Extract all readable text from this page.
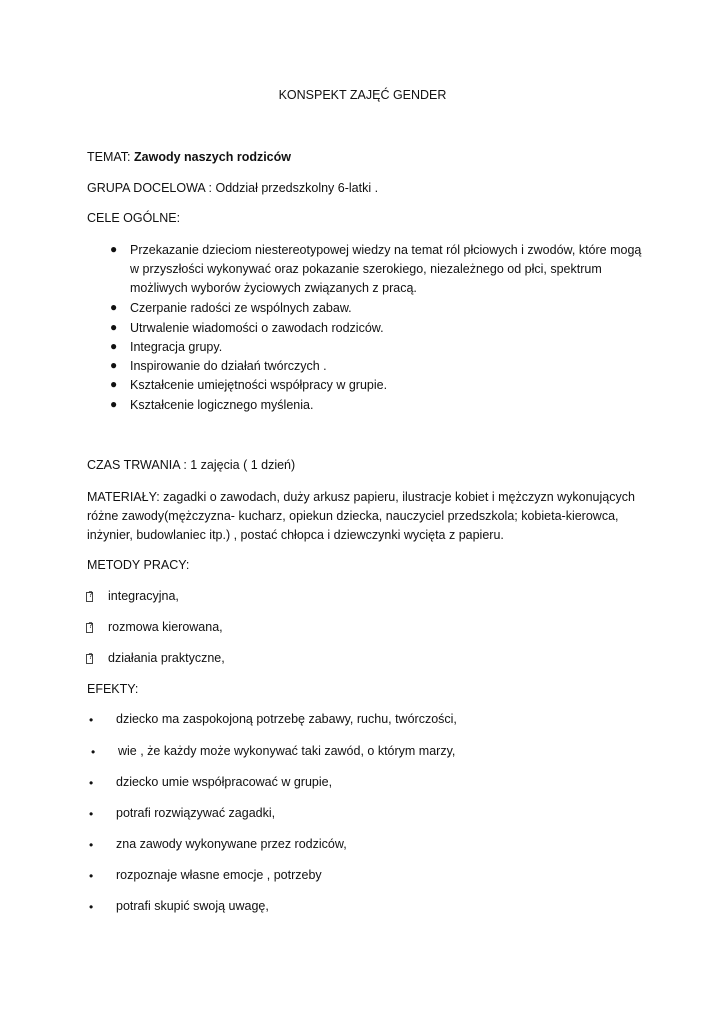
KONSPEKT ZAJĘĆ GENDER
TEMAT: Zawody naszych rodziców
GRUPA DOCELOWA : Oddział przedszkolny 6-latki .
CELE OGÓLNE:
● Przekazanie dzieciom niestereotypowej wiedzy na temat ról płciowych i zwodów, które mogą w przyszłości wykonywać oraz pokazanie szerokiego, niezależnego od płci, spektrum możliwych wyborów życiowych związanych z pracą.
● Czerpanie radości ze wspólnych zabaw.
● Utrwalenie wiadomości o zawodach rodziców.
● Integracja grupy.
● Inspirowanie do działań twórczych .
● Kształcenie umiejętności współpracy w grupie.
● Kształcenie logicznego myślenia.
CZAS TRWANIA : 1 zajęcia ( 1 dzień)
MATERIAŁY: zagadki o zawodach, duży arkusz papieru, ilustracje kobiet i mężczyzn wykonujących różne zawody(mężczyzna- kucharz, opiekun dziecka, nauczyciel przedszkola; kobieta-kierowca, inżynier, budowlaniec itp.) , postać chłopca i dziewczynki wycięta z papieru.
METODY PRACY:
?
integracyjna,
?
rozmowa kierowana,
?
działania praktyczne,
EFEKTY:
• dziecko ma zaspokojoną potrzebę zabawy, ruchu, twórczości,
• wie , że każdy może wykonywać taki zawód, o którym marzy,
• dziecko umie współpracować w grupie,
• potrafi rozwiązywać zagadki,
• zna zawody wykonywane przez rodziców,
• rozpoznaje własne emocje , potrzeby
• potrafi skupić swoją uwagę,
